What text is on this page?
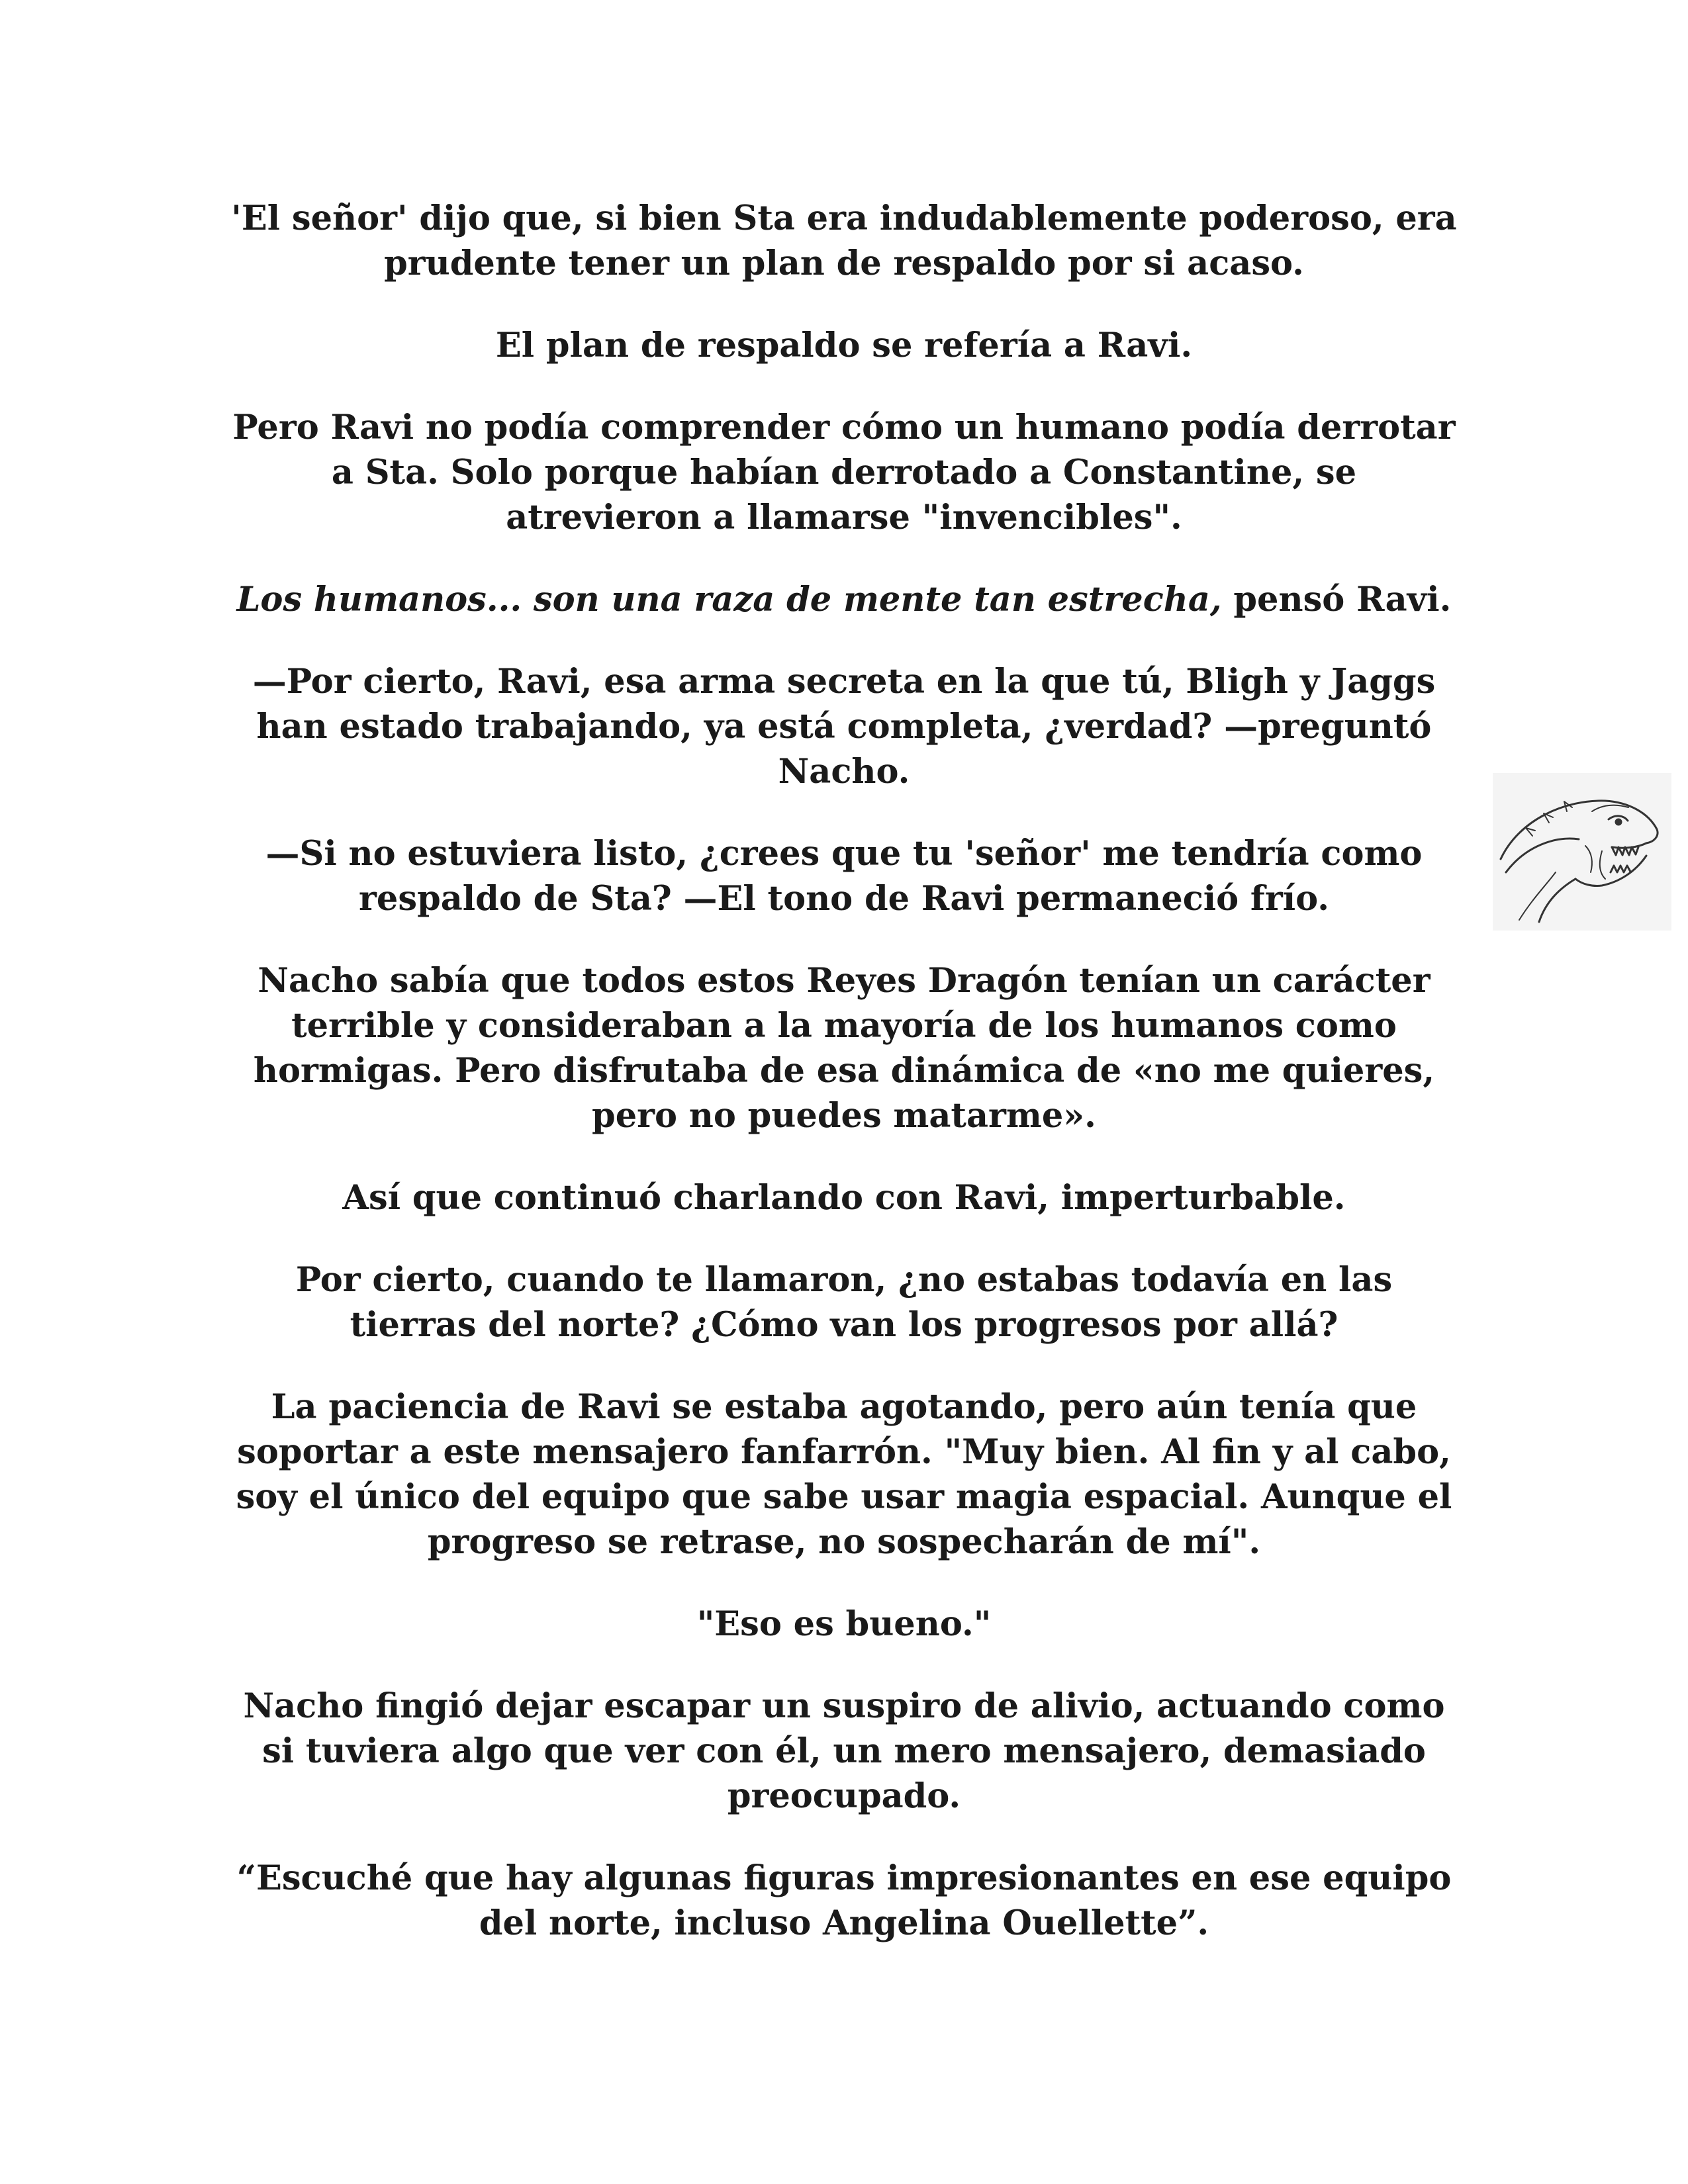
'El señor' dijo que, si bien Sta era indudablemente poderoso, era prudente tener un plan de respaldo por si acaso.

El plan de respaldo se refería a Ravi.

Pero Ravi no podía comprender cómo un humano podía derrotar a Sta. Solo porque habían derrotado a Constantine, se atrevieron a llamarse "invencibles".

Los humanos... son una raza de mente tan estrecha, pensó Ravi.

—Por cierto, Ravi, esa arma secreta en la que tú, Bligh y Jaggs han estado trabajando, ya está completa, ¿verdad? —preguntó Nacho.

—Si no estuviera listo, ¿crees que tu 'señor' me tendría como respaldo de Sta? —El tono de Ravi permaneció frío.

Nacho sabía que todos estos Reyes Dragón tenían un carácter terrible y consideraban a la mayoría de los humanos como hormigas. Pero disfrutaba de esa dinámica de «no me quieres, pero no puedes matarme».

Así que continuó charlando con Ravi, imperturbable.

Por cierto, cuando te llamaron, ¿no estabas todavía en las tierras del norte? ¿Cómo van los progresos por allá?

La paciencia de Ravi se estaba agotando, pero aún tenía que soportar a este mensajero fanfarrón. "Muy bien. Al fin y al cabo, soy el único del equipo que sabe usar magia espacial. Aunque el progreso se retrase, no sospecharán de mí".

"Eso es bueno."

Nacho fingió dejar escapar un suspiro de alivio, actuando como si tuviera algo que ver con él, un mero mensajero, demasiado preocupado.

“Escuché que hay algunas figuras impresionantes en ese equipo del norte, incluso Angelina Ouellette”.
